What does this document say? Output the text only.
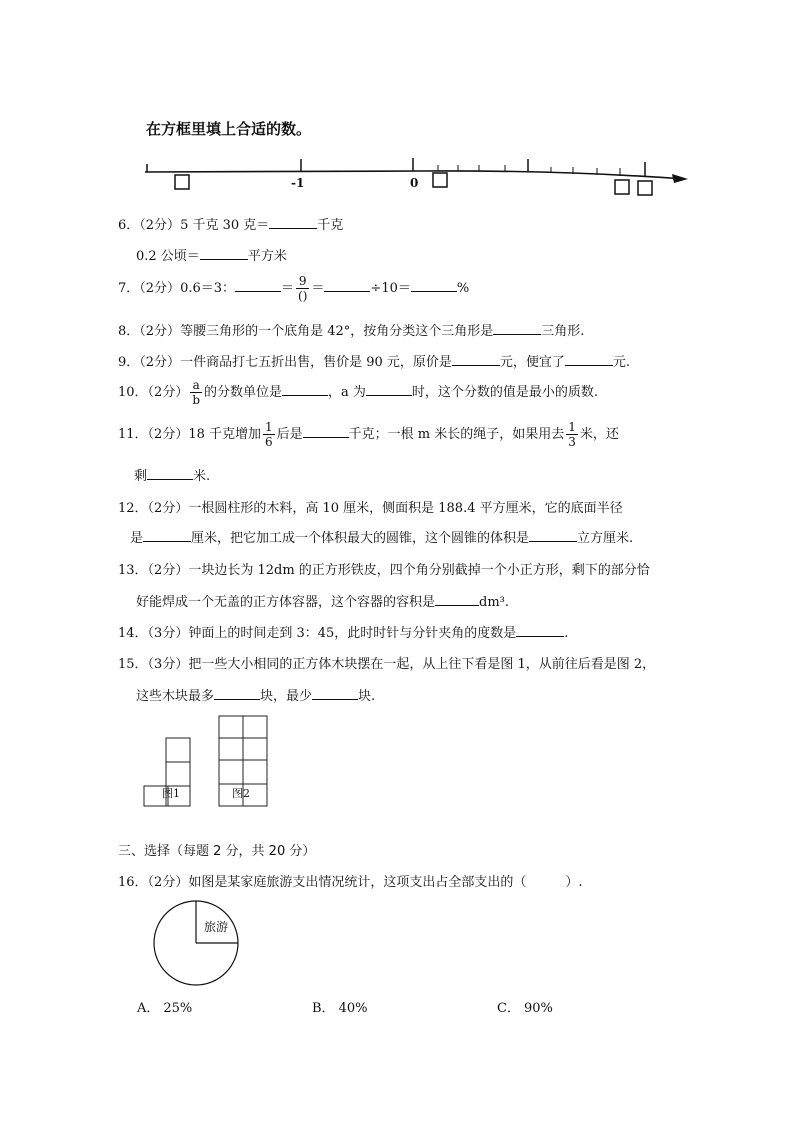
在方框里填上合适的数。
-1	0
6．（2分）5 千克 30 克＝	千克
0.2 公顷＝	平方米
7．（2分）0.6＝3：	＝ $\frac{9}{()}$ ＝	÷10＝	%
8．（2分）等腰三角形的一个底角是 42°，按角分类这个三角形是	三角形.
9．（2分）一件商品打七五折出售，售价是 90 元，原价是	元，便宜了	元.
10．（2分） $\frac{a}{b}$ 的分数单位是	，a 为	时，这个分数的值是最小的质数.
11．（2分）18 千克增加 $\frac{1}{6}$ 后是	千克；一根 m 米长的绳子，如果用去 $\frac{1}{3}$ 米，还
剩	米.
12．（2分）一根圆柱形的木料，高 10 厘米，侧面积是 188.4 平方厘米，它的底面半径
是	厘米，把它加工成一个体积最大的圆锥，这个圆锥的体积是	立方厘米.
13．（2分）一块边长为 12dm 的正方形铁皮，四个角分别截掉一个小正方形，剩下的部分恰
好能焊成一个无盖的正方体容器，这个容器的容积是	dm³.
14．（3分）钟面上的时间走到 3：45，此时时针与分针夹角的度数是	.
15．（3分）把一些大小相同的正方体木块摆在一起，从上往下看是图 1，从前往后看是图 2，
这些木块最多	块，最少	块.
图1	图2
三、选择（每题 2 分，共 20 分）
16．（2分）如图是某家庭旅游支出情况统计，这项支出占全部支出的（　　　）.
旅游
A． 25%	B． 40%	C． 90%
